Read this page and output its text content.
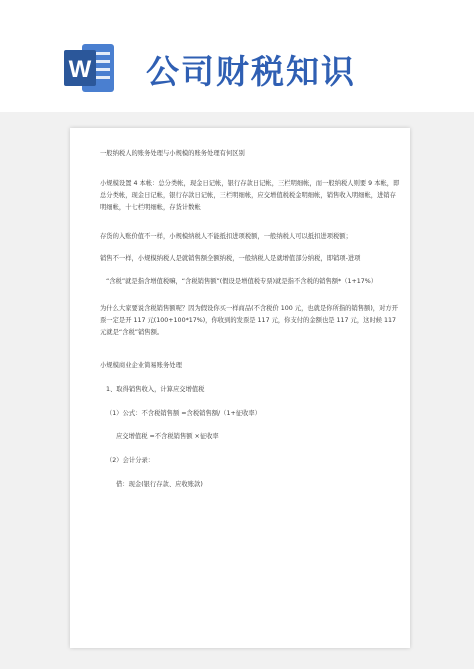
W 公司财税知识
一般纳税人的账务处理与小规模的账务处理有何区别
小规模设置 4 本帐：总分类帐，现金日记帐，银行存款日记帐，三栏明细帐，而一般纳税人则要 9 本帐，即总分类帐，现金日记帐，银行存款日记帐，三栏明细帐，应交增值税税金明细帐，销售收入明细帐，进销存明细帐，十七栏明细帐，存货计数帐
存货的入账价值不一样，小规模纳税人不能抵扣进项税额，一般纳税人可以抵扣进项税额；
销售不一样，小规模纳税人是就销售额全额纳税，一般纳税人是就增值部分纳税，即销项-进项
“含税”就是指含增值税嘛，“含税销售额”(假设是增值税专票)就是指不含税的销售额*（1+17%）
为什么大家要说含税销售额呢？因为假设你买一样商品(不含税价 100 元，也就是你所指的销售额)，对方开票一定是开 117 元(100+100*17%)，你收到的发票是 117 元，你支付的金额也是 117 元，这时候 117 元就是“含税”销售额。
小规模商业企业简易账务处理
1、取得销售收入，计算应交增值税
（1）公式：不含税销售额 =含税销售额/（1+征收率）
应交增值税 =不含税销售额 ×征收率
（2）会计分录：
借：现金(银行存款、应收账款)
